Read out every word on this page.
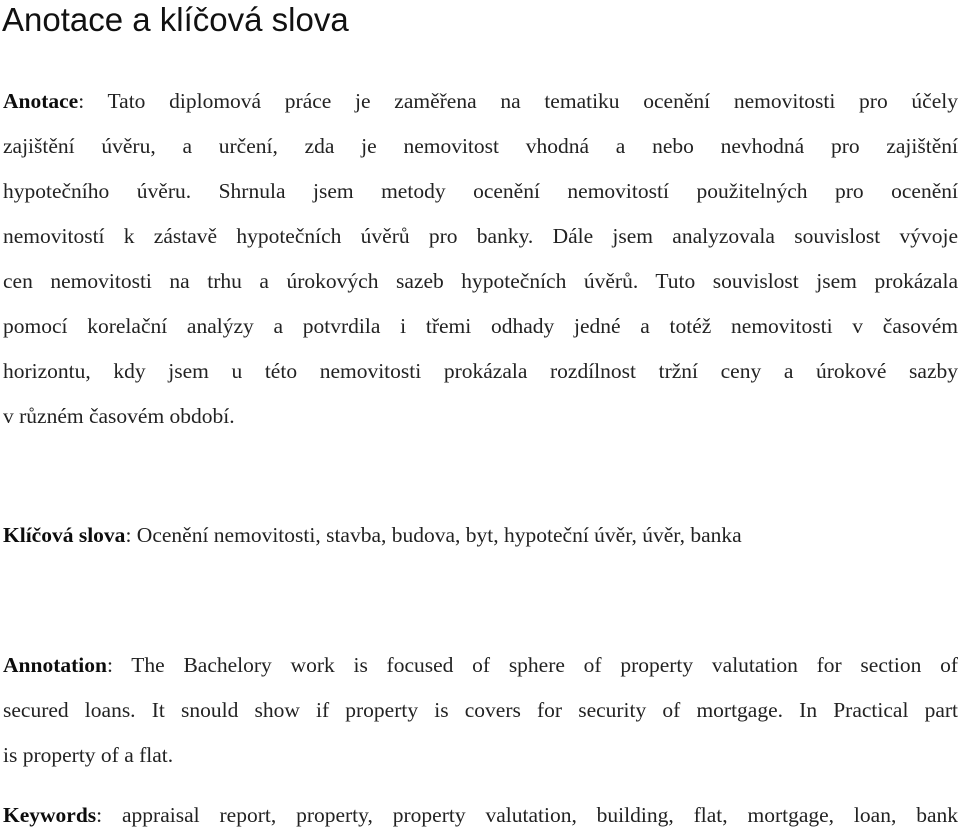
Anotace a klíčová slova
Anotace: Tato diplomová práce je zaměřena na tematiku ocenění nemovitosti pro účely
zajištění úvěru, a určení, zda je nemovitost vhodná a nebo nevhodná pro zajištění
hypotečního úvěru. Shrnula jsem metody ocenění nemovitostí použitelných pro ocenění
nemovitostí k zástavě hypotečních úvěrů pro banky. Dále jsem analyzovala souvislost vývoje
cen nemovitosti na trhu a úrokových sazeb hypotečních úvěrů. Tuto souvislost jsem prokázala
pomocí korelační analýzy a potvrdila i třemi odhady jedné a totéž nemovitosti v časovém
horizontu, kdy jsem u této nemovitosti prokázala rozdílnost tržní ceny a úrokové sazby
v různém časovém období.
Klíčová slova: Ocenění nemovitosti, stavba, budova, byt, hypoteční úvěr, úvěr, banka
Annotation: The Bachelory work is focused of sphere of property valutation for section of
secured loans. It snould show if property is covers for security of mortgage. In Practical part
is property of a flat.
Keywords: appraisal report, property, property valutation, building, flat, mortgage, loan, bank
